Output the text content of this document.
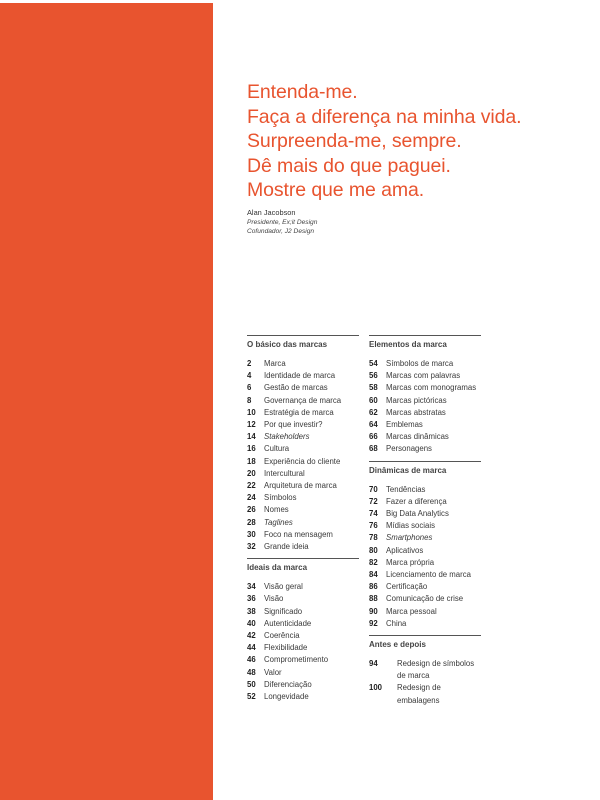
Entenda-me.
Faça a diferença na minha vida.
Surpreenda-me, sempre.
Dê mais do que paguei.
Mostre que me ama.
Alan Jacobson
Presidente, Ex;it Design
Cofundador, J2 Design
O básico das marcas
2	Marca
4	Identidade de marca
6	Gestão de marcas
8	Governança de marca
10	Estratégia de marca
12	Por que investir?
14	Stakeholders
16	Cultura
18	Experiência do cliente
20	Intercultural
22	Arquitetura de marca
24	Símbolos
26	Nomes
28	Taglines
30	Foco na mensagem
32	Grande ideia
Ideais da marca
34	Visão geral
36	Visão
38	Significado
40	Autenticidade
42	Coerência
44	Flexibilidade
46	Comprometimento
48	Valor
50	Diferenciação
52	Longevidade
Elementos da marca
54	Símbolos de marca
56	Marcas com palavras
58	Marcas com monogramas
60	Marcas pictóricas
62	Marcas abstratas
64	Emblemas
66	Marcas dinâmicas
68	Personagens
Dinâmicas de marca
70	Tendências
72	Fazer a diferença
74	Big Data Analytics
76	Mídias sociais
78	Smartphones
80	Aplicativos
82	Marca própria
84	Licenciamento de marca
86	Certificação
88	Comunicação de crise
90	Marca pessoal
92	China
Antes e depois
94	Redesign de símbolos de marca
100	Redesign de embalagens
